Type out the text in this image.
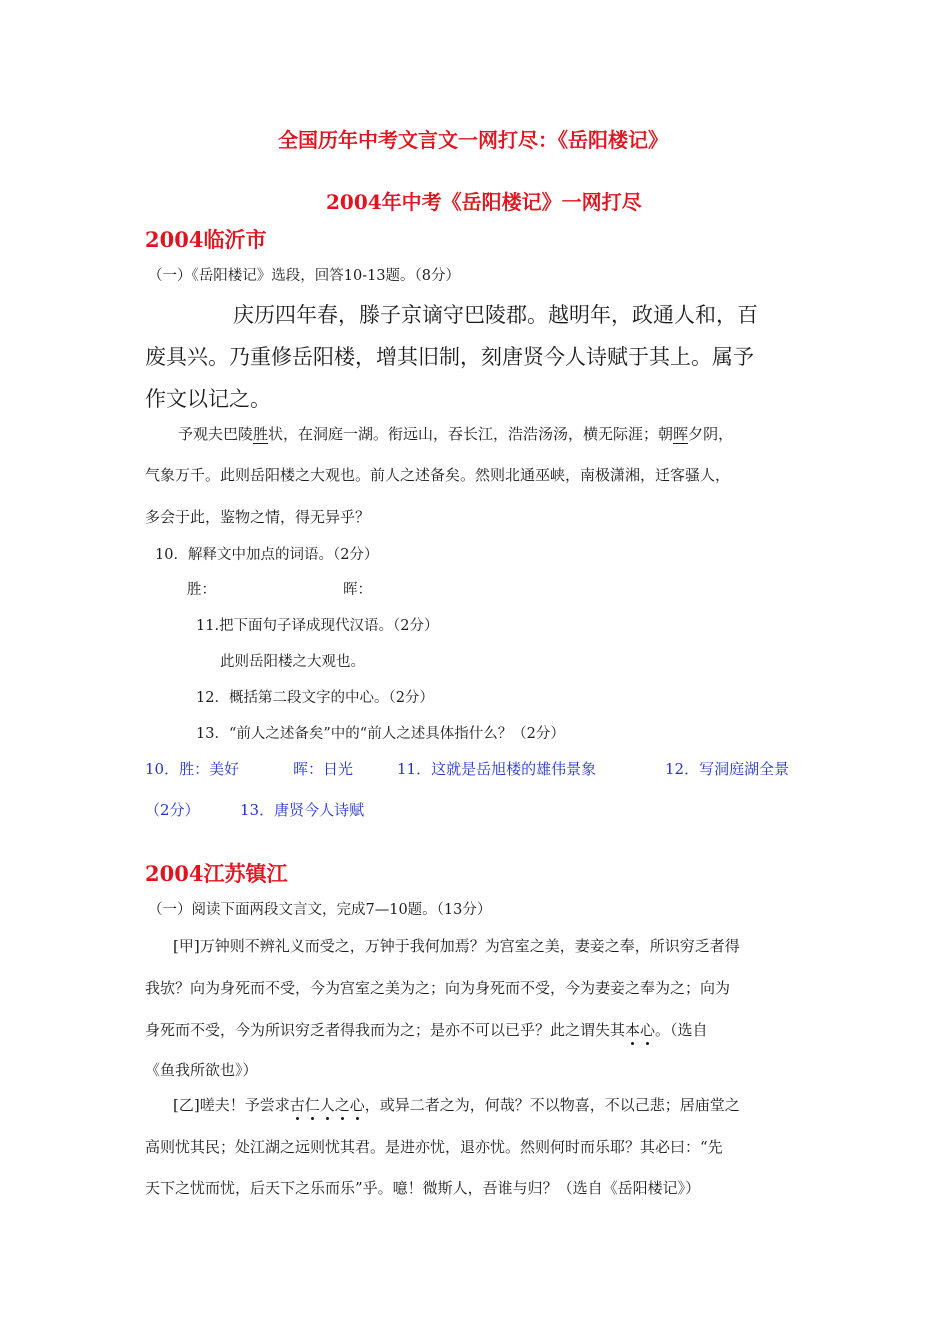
全国历年中考文言文一网打尽：《岳阳楼记》
2004年中考《岳阳楼记》一网打尽
2004临沂市
（一）《岳阳楼记》选段，回答10-13题。（8分）
庆历四年春，滕子京谪守巴陵郡。越明年，政通人和，百
废具兴。乃重修岳阳楼，增其旧制，刻唐贤今人诗赋于其上。属予
作文以记之。
予观夫巴陵胜状，在洞庭一湖。衔远山，吞长江，浩浩汤汤，横无际涯；朝晖夕阴，
气象万千。此则岳阳楼之大观也。前人之述备矣。然则北通巫峡，南极潇湘，迁客骚人，
多会于此，鉴物之情，得无异乎？
10．解释文中加点的词语。（2分）
胜：	晖：
11.把下面句子译成现代汉语。（2分）
此则岳阳楼之大观也。
12．概括第二段文字的中心。（2分）
13．“前人之述备矣”中的“前人之述具体指什么？（2分）
10．胜：美好	晖：日光	11．这就是岳旭楼的雄伟景象	12．写洞庭湖全景
（2分）	13．唐贤今人诗赋
2004江苏镇江
（一）阅读下面两段文言文，完成7—10题。（13分）
[甲]万钟则不辨礼义而受之，万钟于我何加焉？为宫室之美，妻妾之奉，所识穷乏者得
我欤？向为身死而不受，今为宫室之美为之；向为身死而不受，今为妻妾之奉为之；向为
身死而不受，今为所识穷乏者得我而为之；是亦不可以已乎？此之谓失其本心。（选自
《鱼我所欲也》）
[乙]嗟夫！予尝求古仁人之心，或异二者之为，何哉？不以物喜，不以己悲；居庙堂之
高则忧其民；处江湖之远则忧其君。是进亦忧，退亦忧。然则何时而乐耶？其必曰：“先
天下之忧而忧，后天下之乐而乐”乎。噫！微斯人，吾谁与归？（选自《岳阳楼记》）
